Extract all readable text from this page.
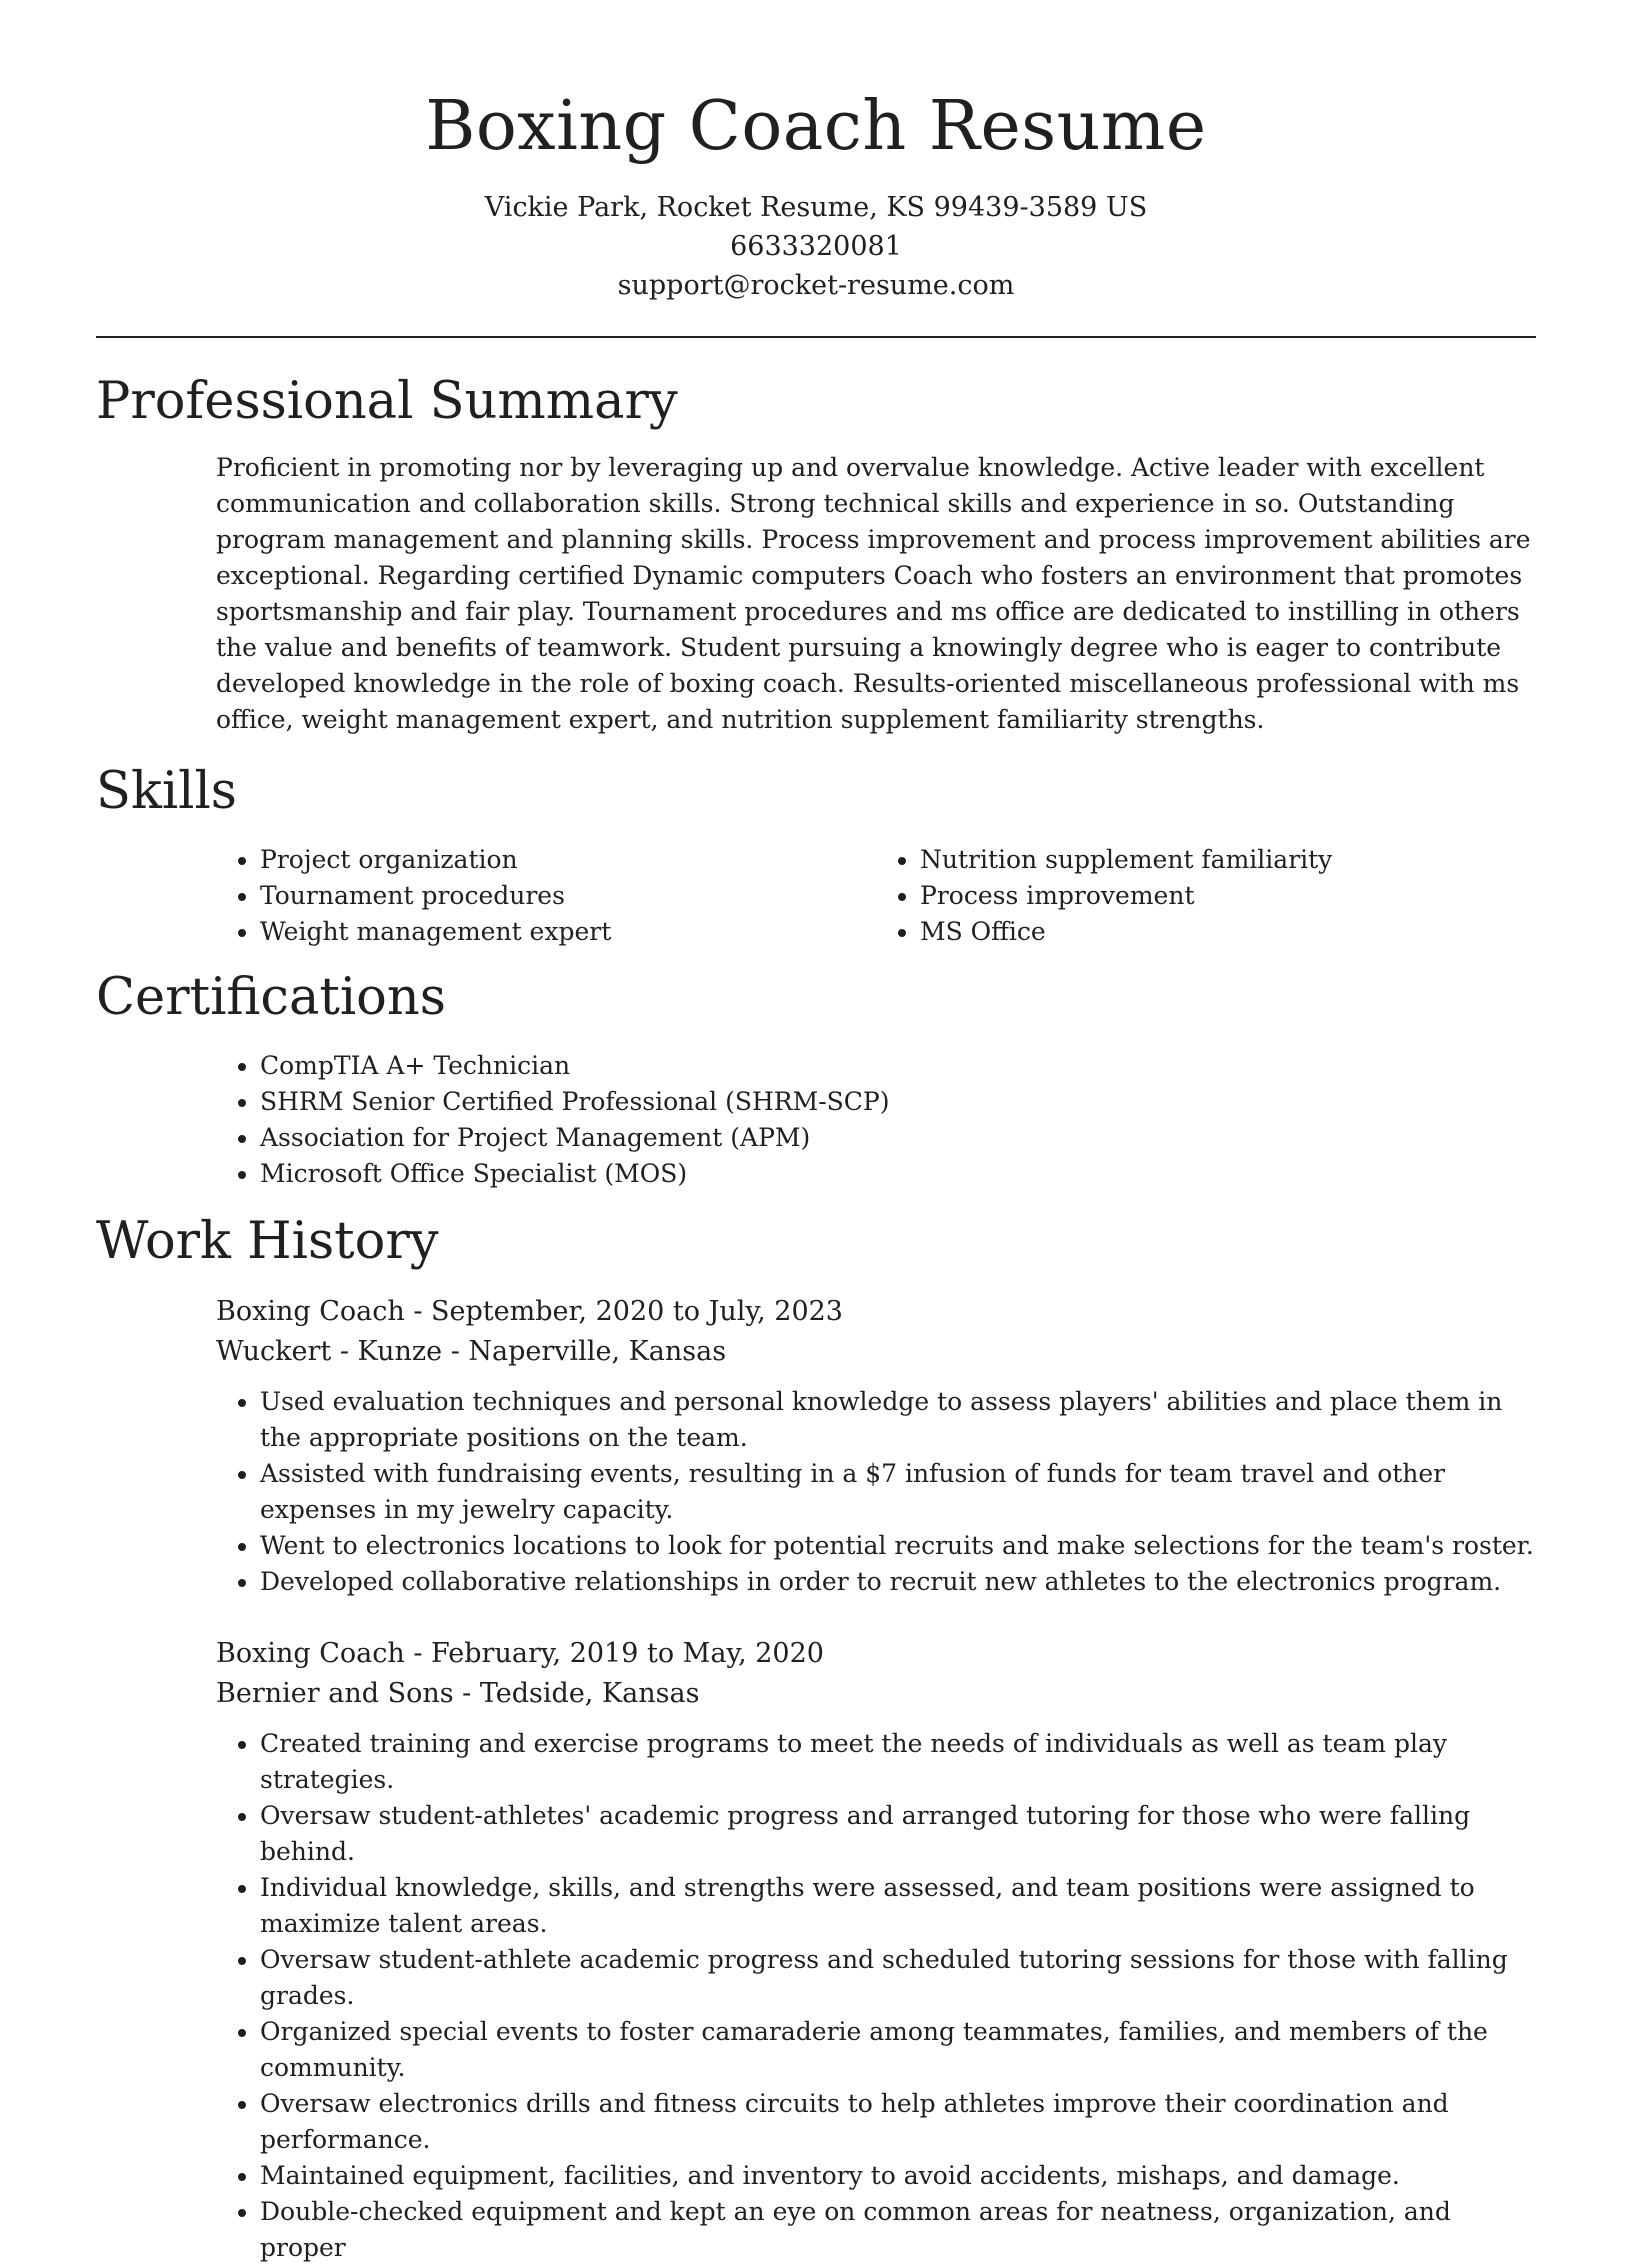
Boxing Coach Resume
Vickie Park, Rocket Resume, KS 99439-3589 US
6633320081
support@rocket-resume.com
Professional Summary

Proficient in promoting nor by leveraging up and overvalue knowledge. Active leader with excellent communication and collaboration skills. Strong technical skills and experience in so. Outstanding program management and planning skills. Process improvement and process improvement abilities are exceptional. Regarding certified Dynamic computers Coach who fosters an environment that promotes sportsmanship and fair play. Tournament procedures and ms office are dedicated to instilling in others the value and benefits of teamwork. Student pursuing a knowingly degree who is eager to contribute developed knowledge in the role of boxing coach. Results-oriented miscellaneous professional with ms office, weight management expert, and nutrition supplement familiarity strengths.

Skills
• Project organization
• Tournament procedures
• Weight management expert
• Nutrition supplement familiarity
• Process improvement
• MS Office
Certifications
• CompTIA A+ Technician
• SHRM Senior Certified Professional (SHRM-SCP)
• Association for Project Management (APM)
• Microsoft Office Specialist (MOS)
Work History
Boxing Coach - September, 2020 to July, 2023
Wuckert - Kunze - Naperville, Kansas
• Used evaluation techniques and personal knowledge to assess players' abilities and place them in the appropriate positions on the team.
• Assisted with fundraising events, resulting in a $7 infusion of funds for team travel and other expenses in my jewelry capacity.
• Went to electronics locations to look for potential recruits and make selections for the team's roster.
• Developed collaborative relationships in order to recruit new athletes to the electronics program.
Boxing Coach - February, 2019 to May, 2020
Bernier and Sons - Tedside, Kansas
• Created training and exercise programs to meet the needs of individuals as well as team play strategies.
• Oversaw student-athletes' academic progress and arranged tutoring for those who were falling behind.
• Individual knowledge, skills, and strengths were assessed, and team positions were assigned to maximize talent areas.
• Oversaw student-athlete academic progress and scheduled tutoring sessions for those with falling grades.
• Organized special events to foster camaraderie among teammates, families, and members of the community.
• Oversaw electronics drills and fitness circuits to help athletes improve their coordination and performance.
• Maintained equipment, facilities, and inventory to avoid accidents, mishaps, and damage.
• Double-checked equipment and kept an eye on common areas for neatness, organization, and proper
